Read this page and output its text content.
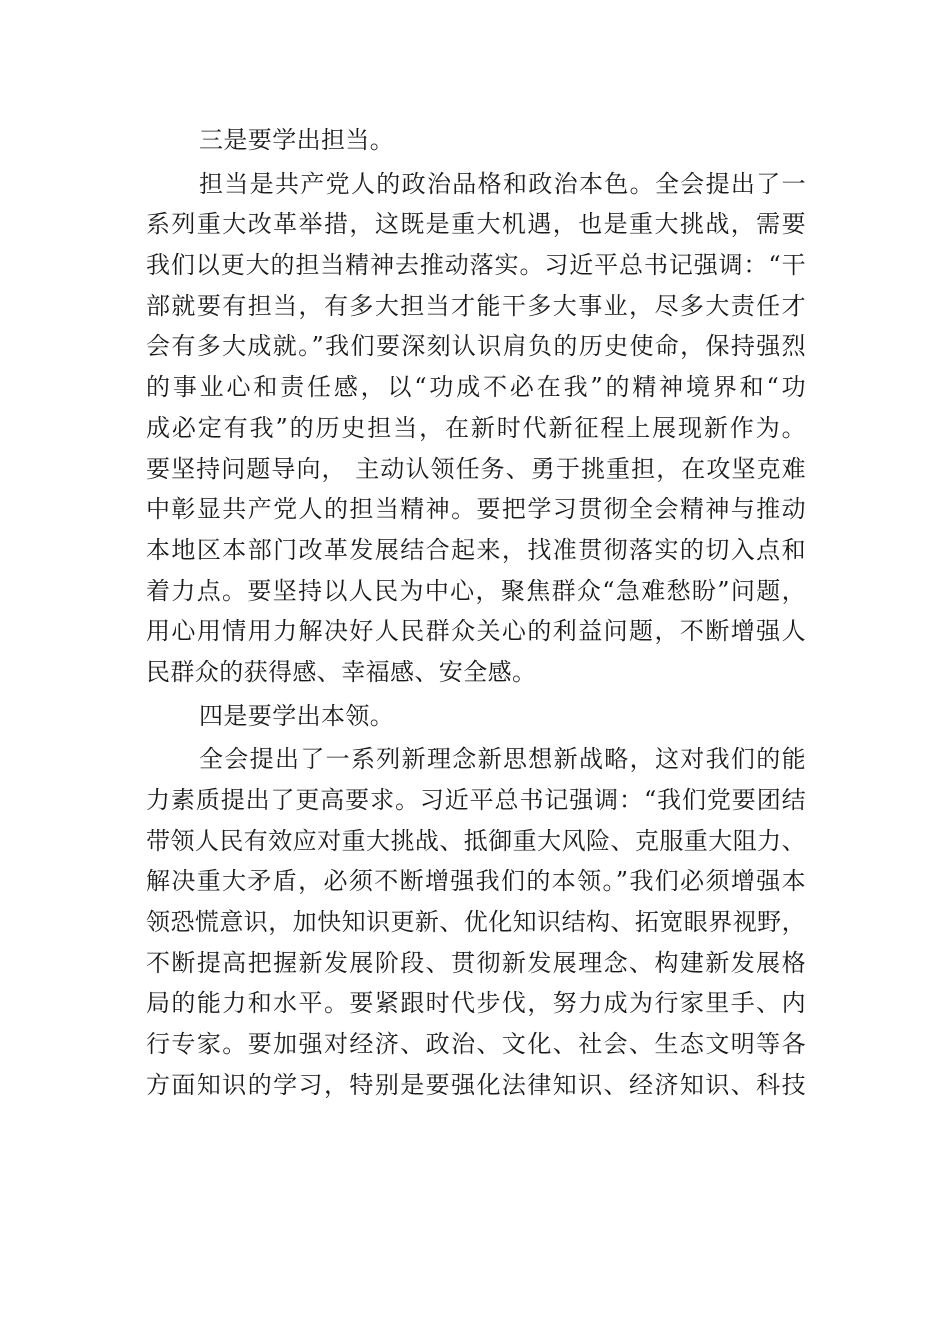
三是要学出担当。

担当是共产党人的政治品格和政治本色。全会提出了一
系列重大改革举措，这既是重大机遇，也是重大挑战，需要
我们以更大的担当精神去推动落实。习近平总书记强调：“干
部就要有担当，有多大担当才能干多大事业，尽多大责任才
会有多大成就。”我们要深刻认识肩负的历史使命，保持强烈
的事业心和责任感，以“功成不必在我”的精神境界和“功
成必定有我”的历史担当，在新时代新征程上展现新作为。
要坚持问题导向， 主动认领任务、勇于挑重担，在攻坚克难
中彰显共产党人的担当精神。要把学习贯彻全会精神与推动
本地区本部门改革发展结合起来，找准贯彻落实的切入点和
着力点。要坚持以人民为中心，聚焦群众“急难愁盼”问题，
用心用情用力解决好人民群众关心的利益问题，不断增强人
民群众的获得感、幸福感、安全感。

四是要学出本领。

全会提出了一系列新理念新思想新战略，这对我们的能
力素质提出了更高要求。习近平总书记强调：“我们党要团结
带领人民有效应对重大挑战、抵御重大风险、克服重大阻力、
解决重大矛盾，必须不断增强我们的本领。”我们必须增强本
领恐慌意识，加快知识更新、优化知识结构、拓宽眼界视野，
不断提高把握新发展阶段、贯彻新发展理念、构建新发展格
局的能力和水平。要紧跟时代步伐，努力成为行家里手、内
行专家。要加强对经济、政治、文化、社会、生态文明等各
方面知识的学习，特别是要强化法律知识、经济知识、科技
